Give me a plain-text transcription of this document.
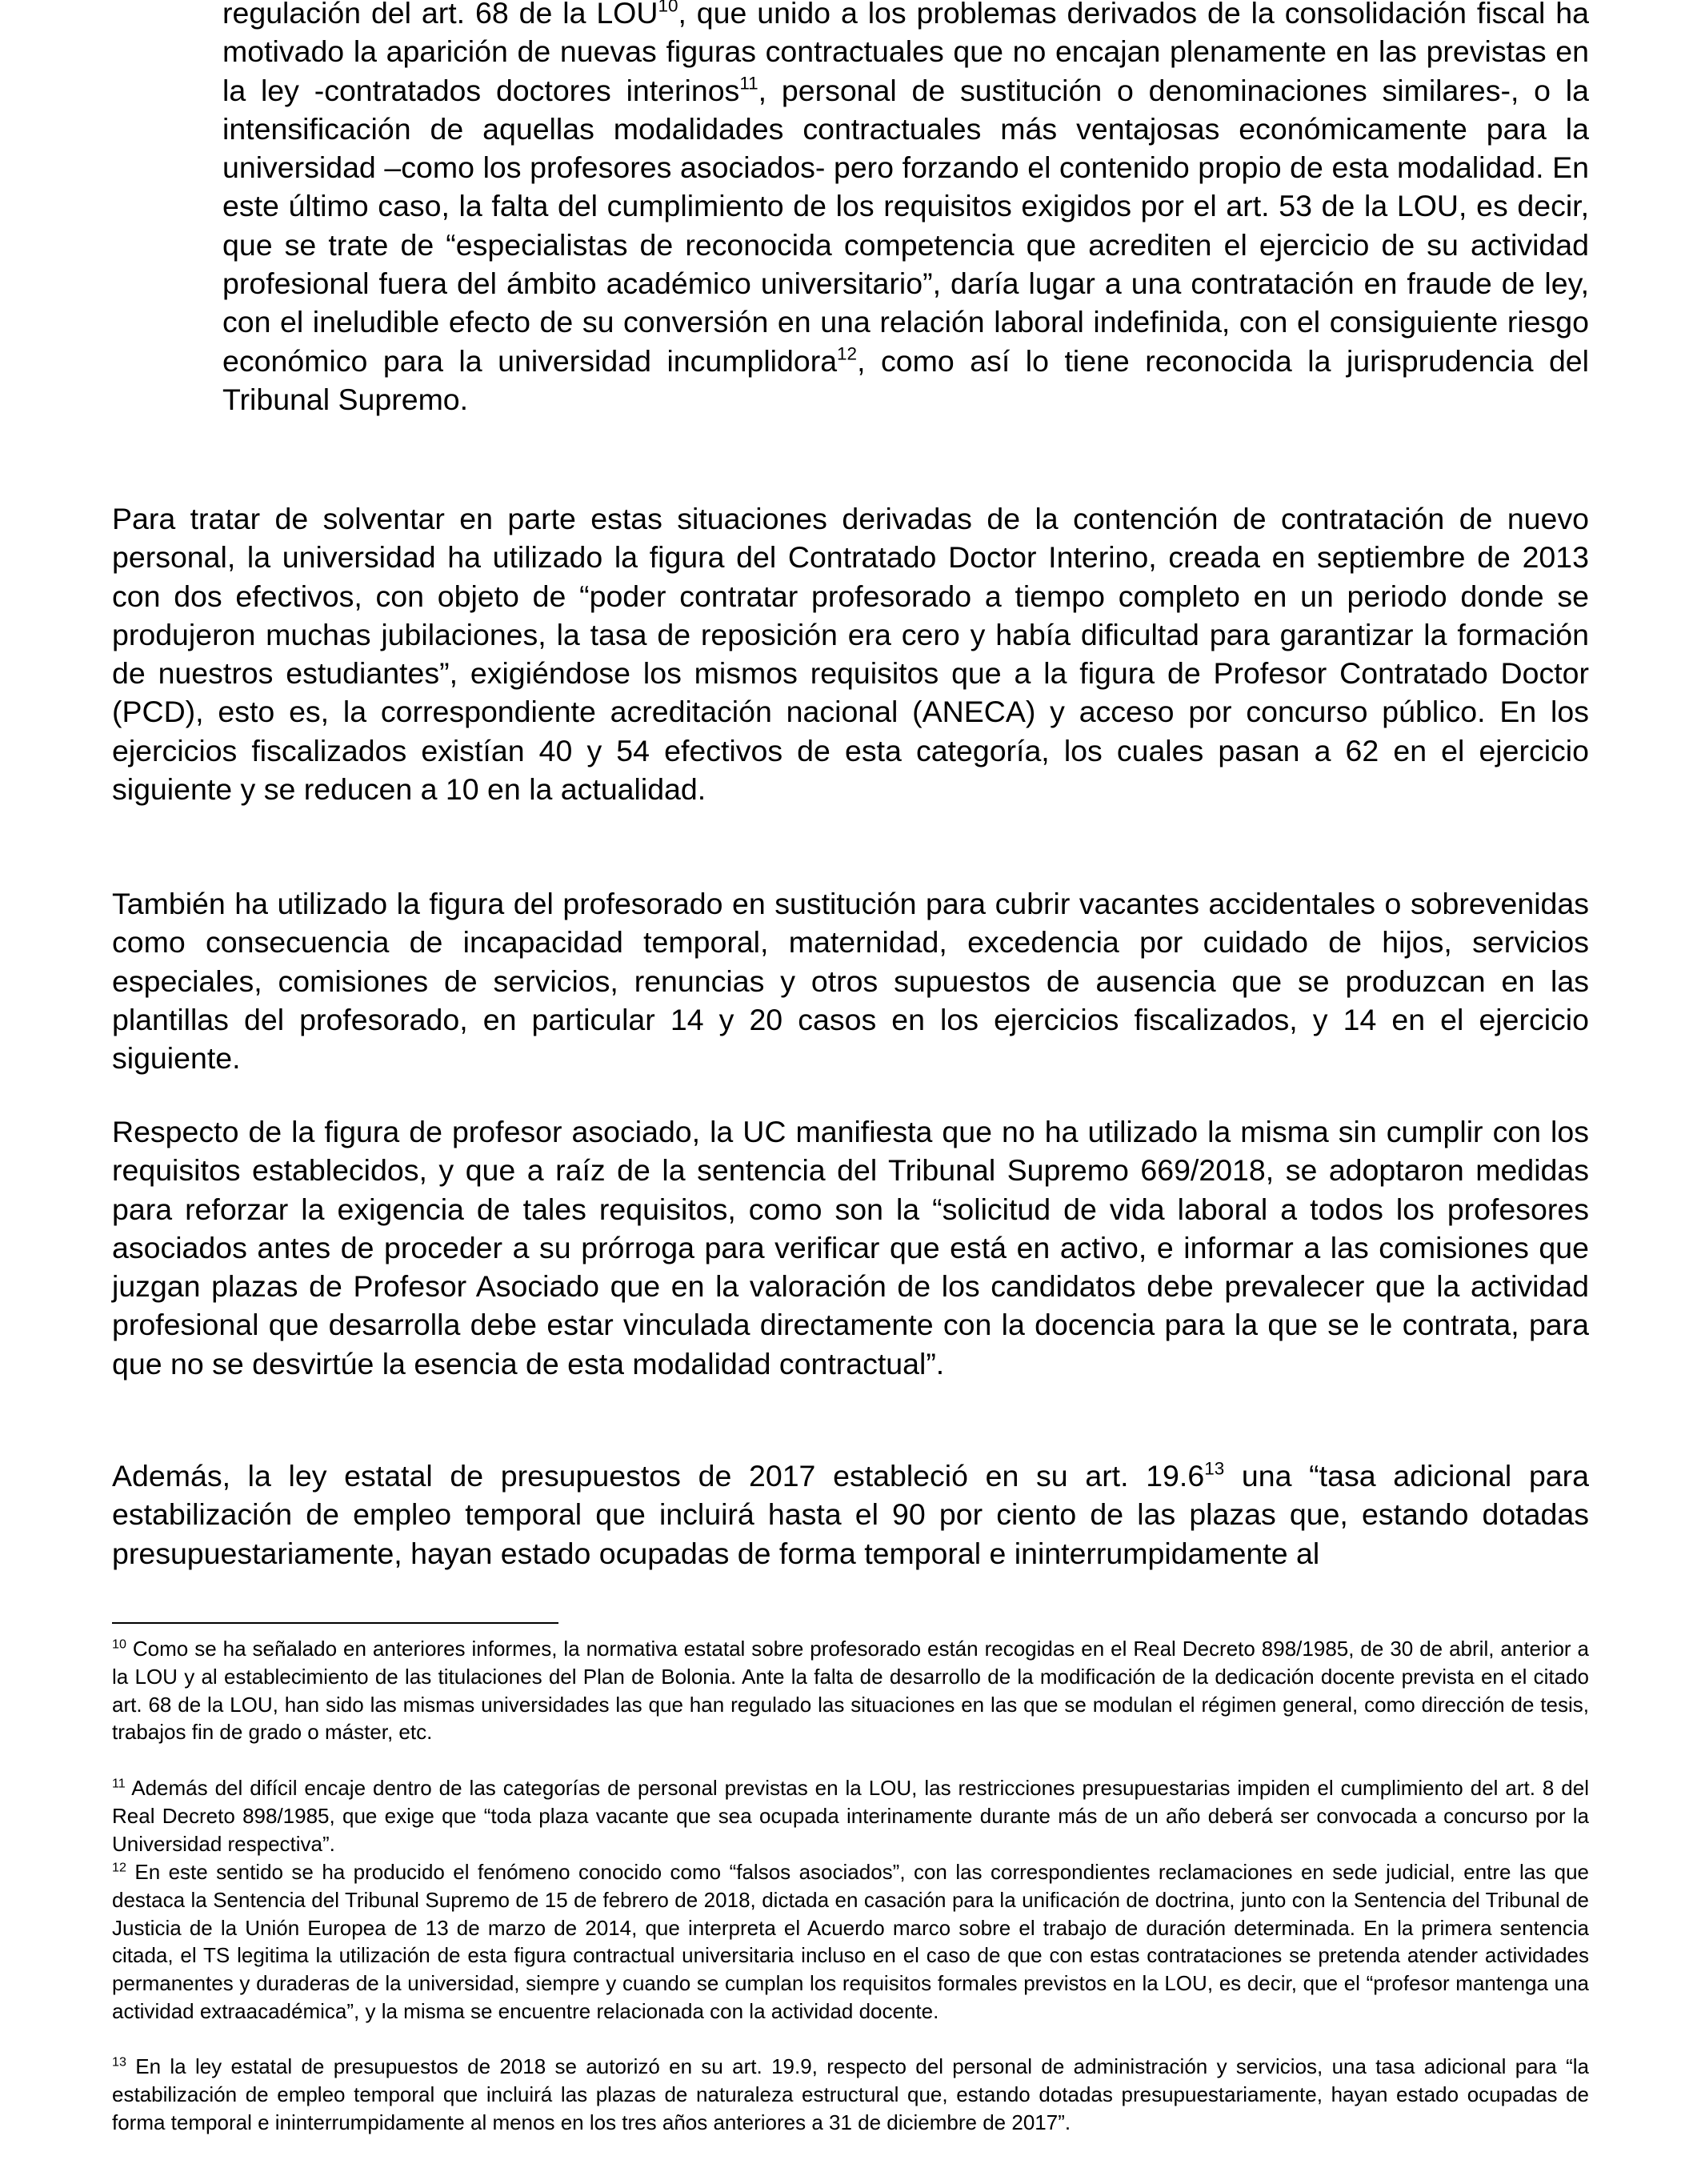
regulación del art. 68 de la LOU$^{10}$, que unido a los problemas derivados de la consolidación fiscal ha motivado la aparición de nuevas figuras contractuales que no encajan plenamente en las previstas en la ley -contratados doctores interinos$^{11}$, personal de sustitución o denominaciones similares-, o la intensificación de aquellas modalidades contractuales más ventajosas económicamente para la universidad –como los profesores asociados- pero forzando el contenido propio de esta modalidad. En este último caso, la falta del cumplimiento de los requisitos exigidos por el art. 53 de la LOU, es decir, que se trate de “especialistas de reconocida competencia que acrediten el ejercicio de su actividad profesional fuera del ámbito académico universitario”, daría lugar a una contratación en fraude de ley, con el ineludible efecto de su conversión en una relación laboral indefinida, con el consiguiente riesgo económico para la universidad incumplidora$^{12}$, como así lo tiene reconocida la jurisprudencia del Tribunal Supremo.

Para tratar de solventar en parte estas situaciones derivadas de la contención de contratación de nuevo personal, la universidad ha utilizado la figura del Contratado Doctor Interino, creada en septiembre de 2013 con dos efectivos, con objeto de “poder contratar profesorado a tiempo completo en un periodo donde se produjeron muchas jubilaciones, la tasa de reposición era cero y había dificultad para garantizar la formación de nuestros estudiantes”, exigiéndose los mismos requisitos que a la figura de Profesor Contratado Doctor (PCD), esto es, la correspondiente acreditación nacional (ANECA) y acceso por concurso público. En los ejercicios fiscalizados existían 40 y 54 efectivos de esta categoría, los cuales pasan a 62 en el ejercicio siguiente y se reducen a 10 en la actualidad.

También ha utilizado la figura del profesorado en sustitución para cubrir vacantes accidentales o sobrevenidas como consecuencia de incapacidad temporal, maternidad, excedencia por cuidado de hijos, servicios especiales, comisiones de servicios, renuncias y otros supuestos de ausencia que se produzcan en las plantillas del profesorado, en particular 14 y 20 casos en los ejercicios fiscalizados, y 14 en el ejercicio siguiente.

Respecto de la figura de profesor asociado, la UC manifiesta que no ha utilizado la misma sin cumplir con los requisitos establecidos, y que a raíz de la sentencia del Tribunal Supremo 669/2018, se adoptaron medidas para reforzar la exigencia de tales requisitos, como son la “solicitud de vida laboral a todos los profesores asociados antes de proceder a su prórroga para verificar que está en activo, e informar a las comisiones que juzgan plazas de Profesor Asociado que en la valoración de los candidatos debe prevalecer que la actividad profesional que desarrolla debe estar vinculada directamente con la docencia para la que se le contrata, para que no se desvirtúe la esencia de esta modalidad contractual”.

Además, la ley estatal de presupuestos de 2017 estableció en su art. 19.6$^{13}$ una “tasa adicional para estabilización de empleo temporal que incluirá hasta el 90 por ciento de las plazas que, estando dotadas presupuestariamente, hayan estado ocupadas de forma temporal e ininterrumpidamente al

$^{10}$ Como se ha señalado en anteriores informes, la normativa estatal sobre profesorado están recogidas en el Real Decreto 898/1985, de 30 de abril, anterior a la LOU y al establecimiento de las titulaciones del Plan de Bolonia. Ante la falta de desarrollo de la modificación de la dedicación docente prevista en el citado art. 68 de la LOU, han sido las mismas universidades las que han regulado las situaciones en las que se modulan el régimen general, como dirección de tesis, trabajos fin de grado o máster, etc.

$^{11}$ Además del difícil encaje dentro de las categorías de personal previstas en la LOU, las restricciones presupuestarias impiden el cumplimiento del art. 8 del Real Decreto 898/1985, que exige que “toda plaza vacante que sea ocupada interinamente durante más de un año deberá ser convocada a concurso por la Universidad respectiva”.

$^{12}$ En este sentido se ha producido el fenómeno conocido como “falsos asociados”, con las correspondientes reclamaciones en sede judicial, entre las que destaca la Sentencia del Tribunal Supremo de 15 de febrero de 2018, dictada en casación para la unificación de doctrina, junto con la Sentencia del Tribunal de Justicia de la Unión Europea de 13 de marzo de 2014, que interpreta el Acuerdo marco sobre el trabajo de duración determinada. En la primera sentencia citada, el TS legitima la utilización de esta figura contractual universitaria incluso en el caso de que con estas contrataciones se pretenda atender actividades permanentes y duraderas de la universidad, siempre y cuando se cumplan los requisitos formales previstos en la LOU, es decir, que el “profesor mantenga una actividad extraacadémica”, y la misma se encuentre relacionada con la actividad docente.

$^{13}$ En la ley estatal de presupuestos de 2018 se autorizó en su art. 19.9, respecto del personal de administración y servicios, una tasa adicional para “la estabilización de empleo temporal que incluirá las plazas de naturaleza estructural que, estando dotadas presupuestariamente, hayan estado ocupadas de forma temporal e ininterrumpidamente al menos en los tres años anteriores a 31 de diciembre de 2017”.
